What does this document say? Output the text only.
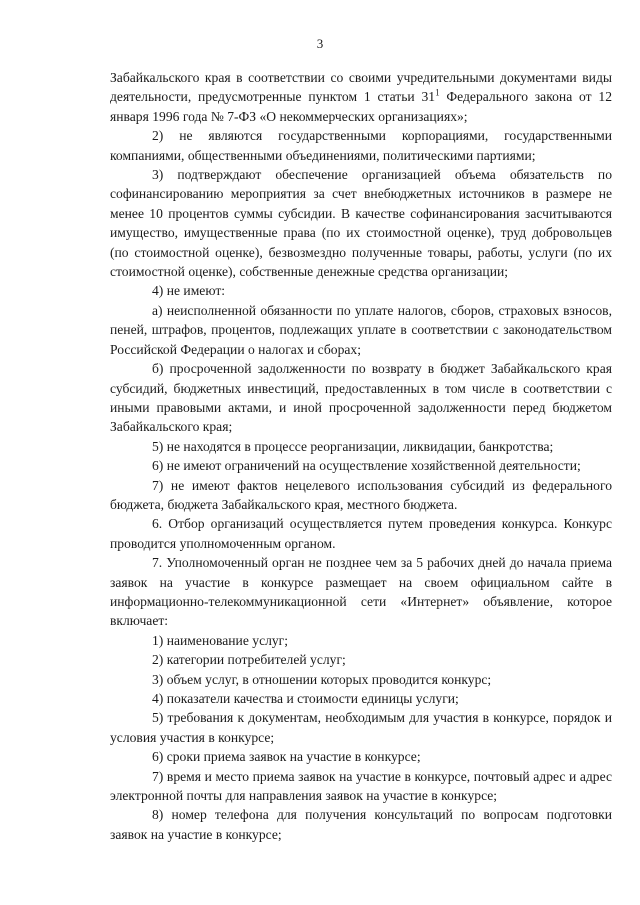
3

Забайкальского края в соответствии со своими учредительными документами виды деятельности, предусмотренные пунктом 1 статьи $31^1$ Федерального закона от 12 января 1996 года № 7-ФЗ «О некоммерческих организациях»;

2) не являются государственными корпорациями, государственными компаниями, общественными объединениями, политическими партиями;

3) подтверждают обеспечение организацией объема обязательств по софинансированию мероприятия за счет внебюджетных источников в размере не менее 10 процентов суммы субсидии. В качестве софинансирования засчитываются имущество, имущественные права (по их стоимостной оценке), труд добровольцев (по стоимостной оценке), безвозмездно полученные товары, работы, услуги (по их стоимостной оценке), собственные денежные средства организации;

4) не имеют:

а) неисполненной обязанности по уплате налогов, сборов, страховых взносов, пеней, штрафов, процентов, подлежащих уплате в соответствии с законодательством Российской Федерации о налогах и сборах;

б) просроченной задолженности по возврату в бюджет Забайкальского края субсидий, бюджетных инвестиций, предоставленных в том числе в соответствии с иными правовыми актами, и иной просроченной задолженности перед бюджетом Забайкальского края;

5) не находятся в процессе реорганизации, ликвидации, банкротства;

6) не имеют ограничений на осуществление хозяйственной деятельности;

7) не имеют фактов нецелевого использования субсидий из федерального бюджета, бюджета Забайкальского края, местного бюджета.

6. Отбор организаций осуществляется путем проведения конкурса. Конкурс проводится уполномоченным органом.

7. Уполномоченный орган не позднее чем за 5 рабочих дней до начала приема заявок на участие в конкурсе размещает на своем официальном сайте в информационно-телекоммуникационной сети «Интернет» объявление, которое включает:

1) наименование услуг;

2) категории потребителей услуг;

3) объем услуг, в отношении которых проводится конкурс;

4) показатели качества и стоимости единицы услуги;

5) требования к документам, необходимым для участия в конкурсе, порядок и условия участия в конкурсе;

6) сроки приема заявок на участие в конкурсе;

7) время и место приема заявок на участие в конкурсе, почтовый адрес и адрес электронной почты для направления заявок на участие в конкурсе;

8) номер телефона для получения консультаций по вопросам подготовки заявок на участие в конкурсе;
